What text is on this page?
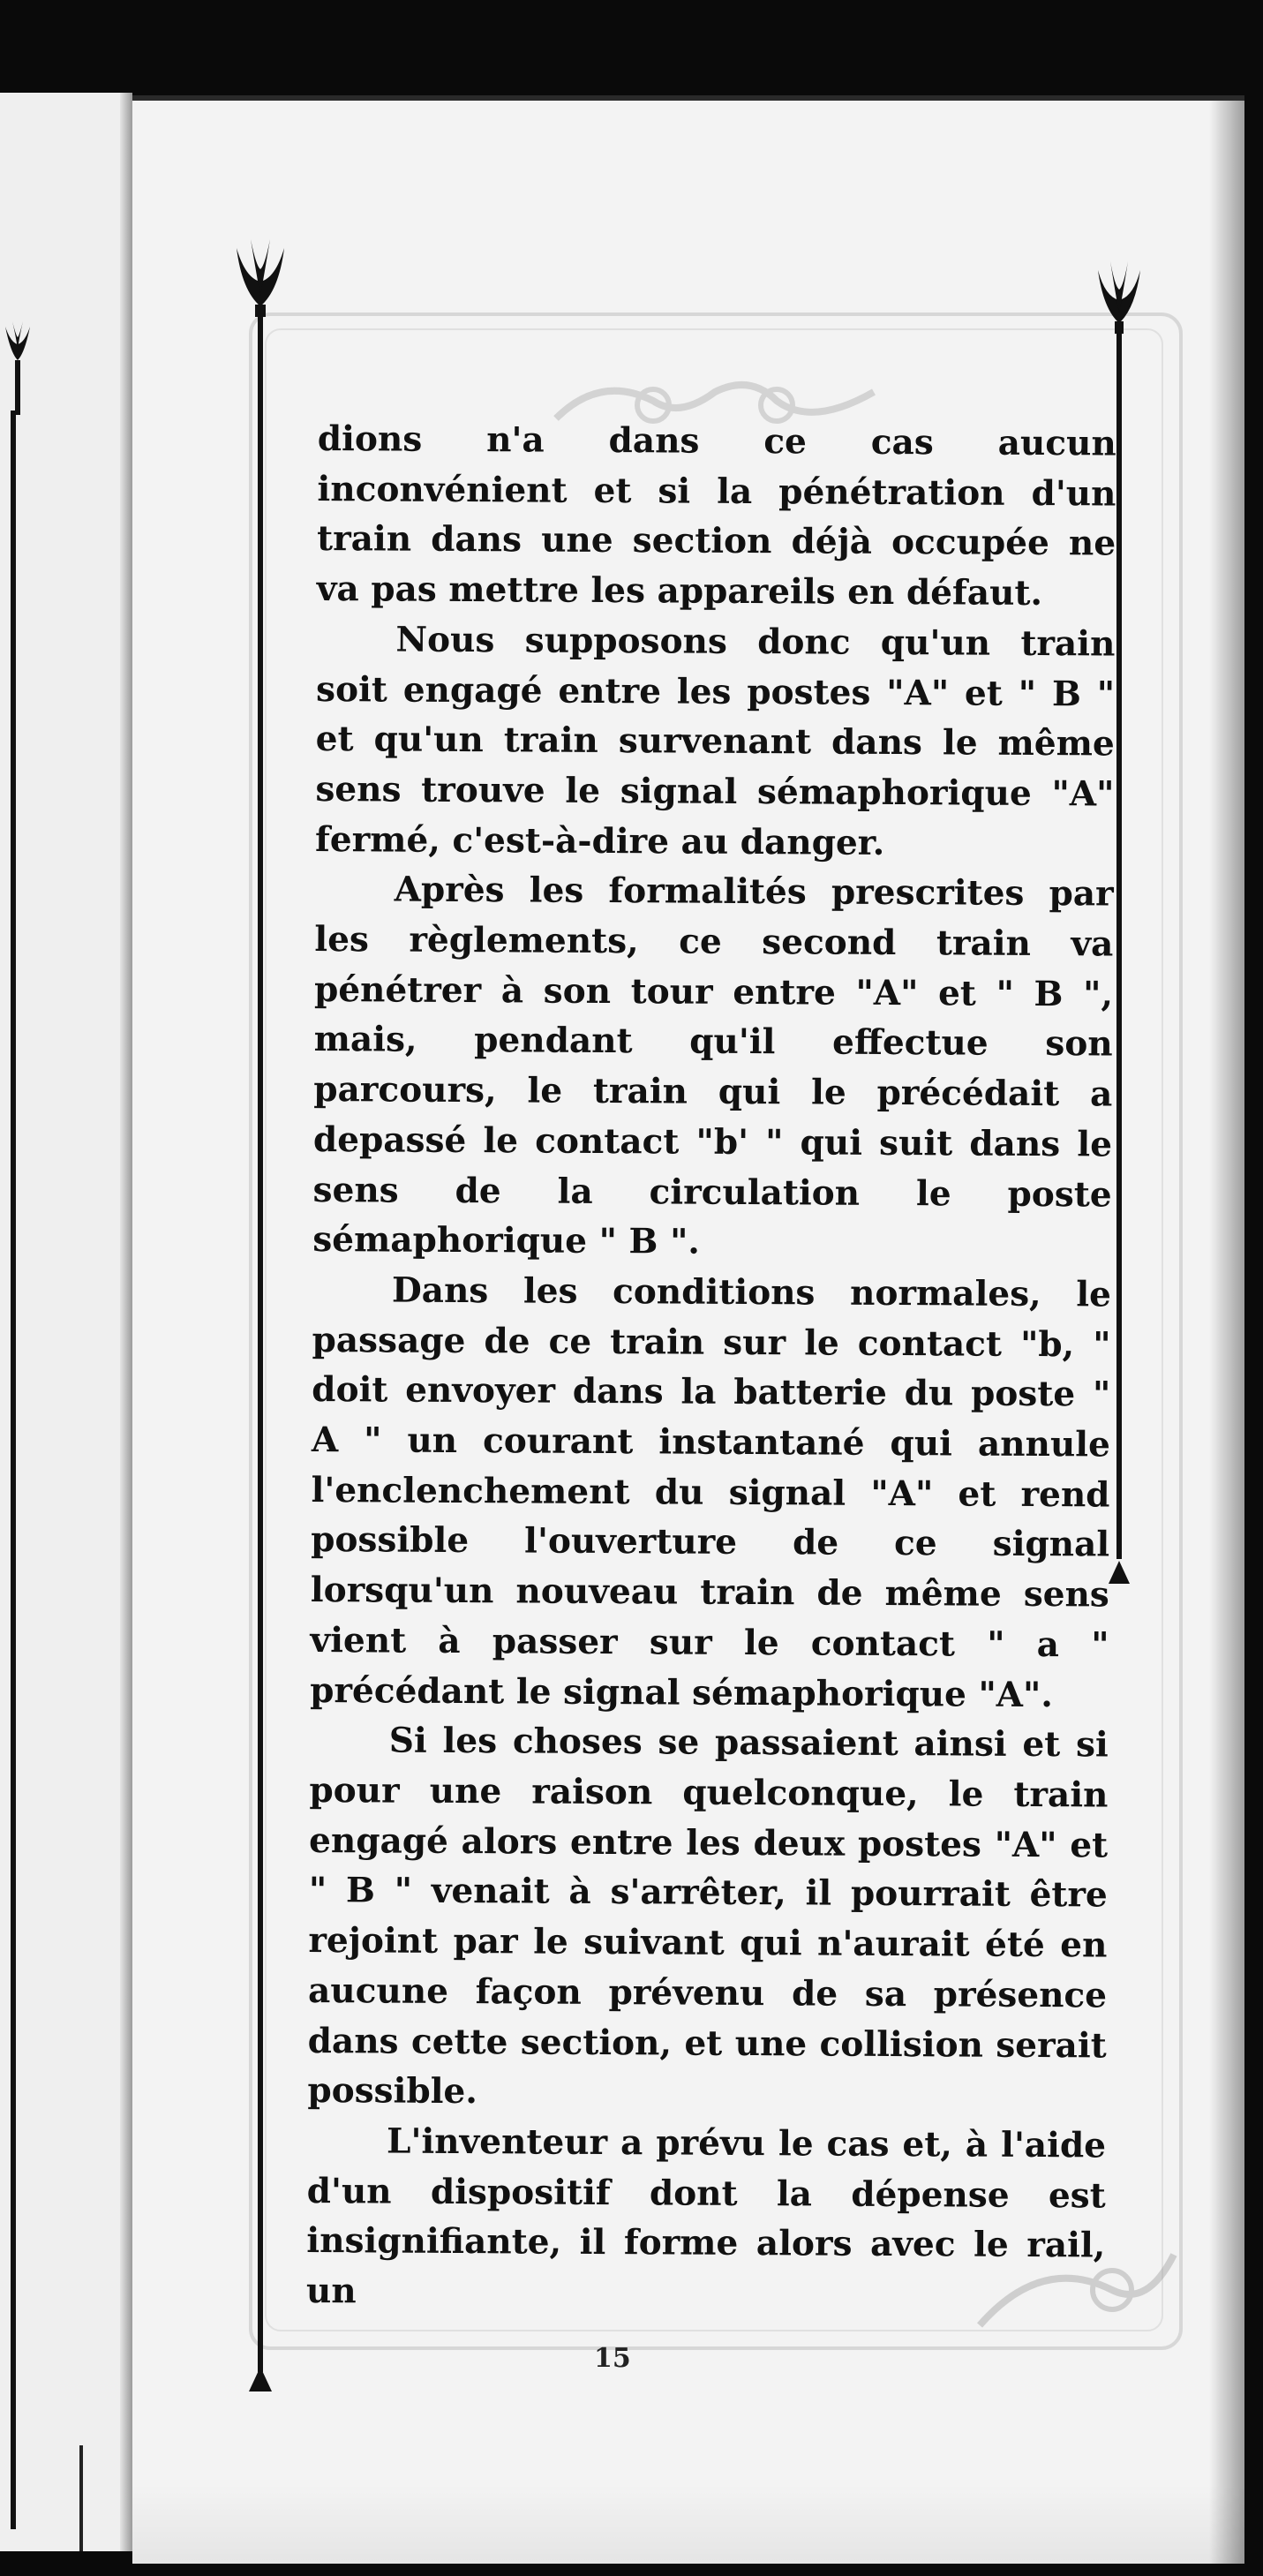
dions n'a dans ce cas aucun inconvénient et si la pénétration d'un train dans une section déjà occupée ne va pas mettre les appareils en défaut.

Nous supposons donc qu'un train soit engagé entre les postes "A" et " B " et qu'un train survenant dans le même sens trouve le signal sémaphorique "A" fermé, c'est-à-dire au danger.

Après les formalités prescrites par les règlements, ce second train va pénétrer à son tour entre "A" et " B ", mais, pendant qu'il effectue son parcours, le train qui le précédait a depassé le contact "b' " qui suit dans le sens de la circulation le poste sémaphorique " B ".

Dans les conditions normales, le passage de ce train sur le contact "b, " doit envoyer dans la batterie du poste " A " un courant instantané qui annule l'enclenchement du signal "A" et rend possible l'ouverture de ce signal lorsqu'un nouveau train de même sens vient à passer sur le contact " a " précédant le signal sémaphorique "A".

Si les choses se passaient ainsi et si pour une raison quelconque, le train engagé alors entre les deux postes "A" et " B " venait à s'arrêter, il pourrait être rejoint par le suivant qui n'aurait été en aucune façon prévenu de sa présence dans cette section, et une collision serait possible.

L'inventeur a prévu le cas et, à l'aide d'un dispositif dont la dépense est insignifiante, il forme alors avec le rail, un

15
